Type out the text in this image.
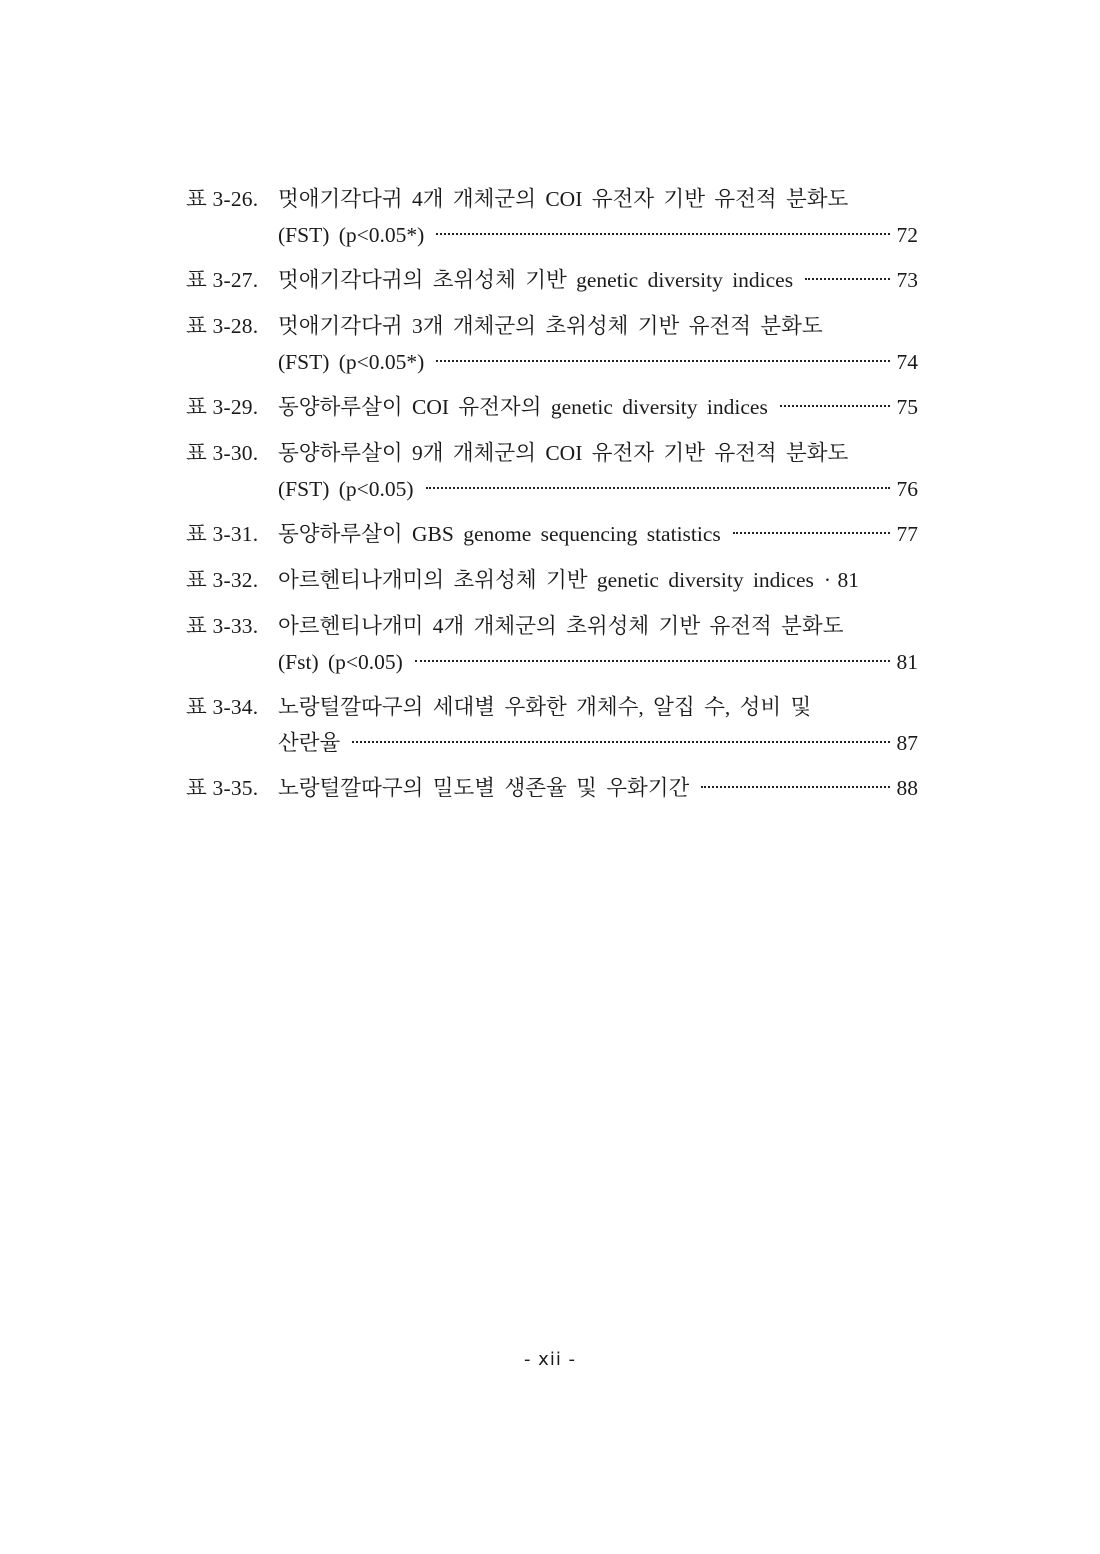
표 3-26. 멋애기각다귀 4개 개체군의 COI 유전자 기반 유전적 분화도
(FST) (p<0.05*)	72
표 3-27. 멋애기각다귀의 초위성체 기반 genetic diversity indices	73
표 3-28. 멋애기각다귀 3개 개체군의 초위성체 기반 유전적 분화도
(FST) (p<0.05*)	74
표 3-29. 동양하루살이 COI 유전자의 genetic diversity indices	75
표 3-30. 동양하루살이 9개 개체군의 COI 유전자 기반 유전적 분화도
(FST) (p<0.05)	76
표 3-31. 동양하루살이 GBS genome sequencing statistics	77
표 3-32. 아르헨티나개미의 초위성체 기반 genetic diversity indices · 81
표 3-33. 아르헨티나개미 4개 개체군의 초위성체 기반 유전적 분화도
(Fst) (p<0.05)	81
표 3-34. 노랑털깔따구의 세대별 우화한 개체수, 알집 수, 성비 및
산란율	87
표 3-35. 노랑털깔따구의 밀도별 생존율 및 우화기간	88
- xii -
